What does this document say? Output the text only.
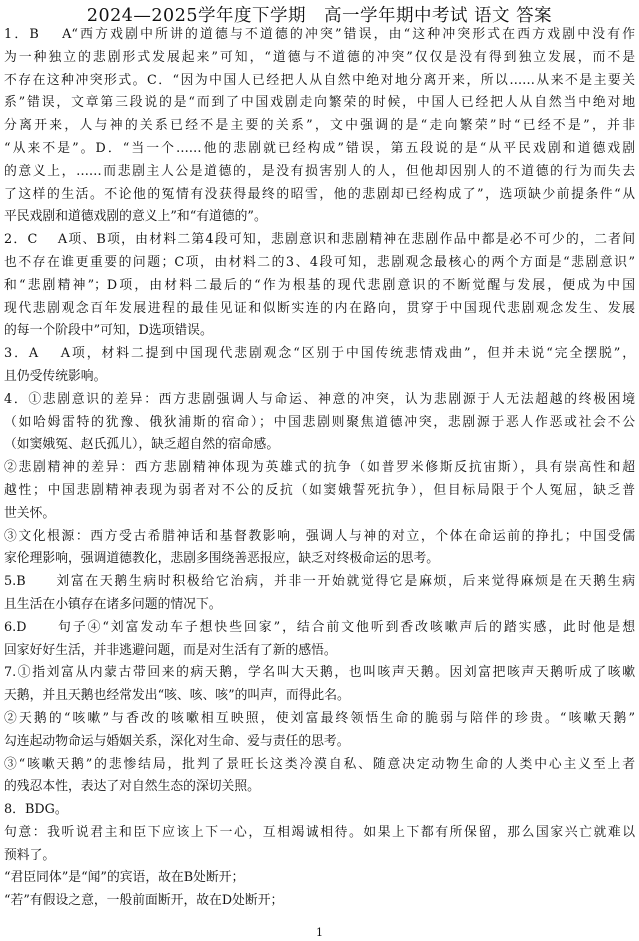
2024—2025学年度下学期　高一学年期中考试 语文 答案
1．B　 A“西方戏剧中所讲的道德与不道德的冲突”错误，由“这种冲突形式在西方戏剧中没有作
为一种独立的悲剧形式发展起来”可知，“道德与不道德的冲突”仅仅是没有得到独立发展，而不是
不存在这种冲突形式。C．“因为中国人已经把人从自然中绝对地分离开来，所以……从来不是主要关
系”错误，文章第三段说的是“而到了中国戏剧走向繁荣的时候，中国人已经把人从自然当中绝对地
分离开来，人与神的关系已经不是主要的关系”，文中强调的是“走向繁荣”时“已经不是”，并非
“从来不是”。D．“当一个……他的悲剧就已经构成”错误，第五段说的是“从平民戏剧和道德戏剧
的意义上，……而悲剧主人公是道德的，是没有损害别人的人，但他却因别人的不道德的行为而失去
了这样的生活。不论他的冤情有没获得最终的昭雪，他的悲剧却已经构成了”，选项缺少前提条件“从
平民戏剧和道德戏剧的意义上”和“有道德的”。
2．C　 A项、B项，由材料二第4段可知，悲剧意识和悲剧精神在悲剧作品中都是必不可少的，二者间
也不存在谁更重要的问题；C项，由材料二的3、4段可知，悲剧观念最核心的两个方面是“悲剧意识”
和“悲剧精神”；D项，由材料二最后的“作为根基的现代悲剧意识的不断觉醒与发展，便成为中国
现代悲剧观念百年发展进程的最佳见证和似断实连的内在路向，贯穿于中国现代悲剧观念发生、发展
的每一个阶段中”可知，D选项错误。
3．A　 A项，材料二提到中国现代悲剧观念“区别于中国传统悲情戏曲”，但并未说“完全摆脱”，
且仍受传统影响。
4．①悲剧意识的差异：西方悲剧强调人与命运、神意的冲突，认为悲剧源于人无法超越的终极困境
（如哈姆雷特的犹豫、俄狄浦斯的宿命）；中国悲剧则聚焦道德冲突，悲剧源于恶人作恶或社会不公
（如窦娥冤、赵氏孤儿），缺乏超自然的宿命感。
②悲剧精神的差异：西方悲剧精神体现为英雄式的抗争（如普罗米修斯反抗宙斯），具有崇高性和超
越性；中国悲剧精神表现为弱者对不公的反抗（如窦娥誓死抗争），但目标局限于个人冤屈，缺乏普
世关怀。
③文化根源：西方受古希腊神话和基督教影响，强调人与神的对立，个体在命运前的挣扎；中国受儒
家伦理影响，强调道德教化，悲剧多围绕善恶报应，缺乏对终极命运的思考。
5.B　　刘富在天鹅生病时积极给它治病，并非一开始就觉得它是麻烦，后来觉得麻烦是在天鹅生病
且生活在小镇存在诸多问题的情况下。
6.D　　句子④“刘富发动车子想快些回家”，结合前文他听到香改咳嗽声后的踏实感，此时他是想
回家好好生活，并非逃避问题，而是对生活有了新的感悟。
7.①指刘富从内蒙古带回来的病天鹅，学名叫大天鹅，也叫咳声天鹅。因刘富把咳声天鹅听成了咳嗽
天鹅，并且天鹅也经常发出“咳、咳、咳”的叫声，而得此名。
②天鹅的“咳嗽”与香改的咳嗽相互映照，使刘富最终领悟生命的脆弱与陪伴的珍贵。“咳嗽天鹅”
勾连起动物命运与婚姻关系，深化对生命、爱与责任的思考。
③“咳嗽天鹅”的悲惨结局，批判了景旺长这类冷漠自私、随意决定动物生命的人类中心主义至上者
的残忍本性，表达了对自然生态的深切关照。
8．BDG。
句意：我听说君主和臣下应该上下一心，互相竭诚相待。如果上下都有所保留，那么国家兴亡就难以
预料了。
“君臣同体”是“闻”的宾语，故在B处断开；
“若”有假设之意，一般前面断开，故在D处断开；
1
